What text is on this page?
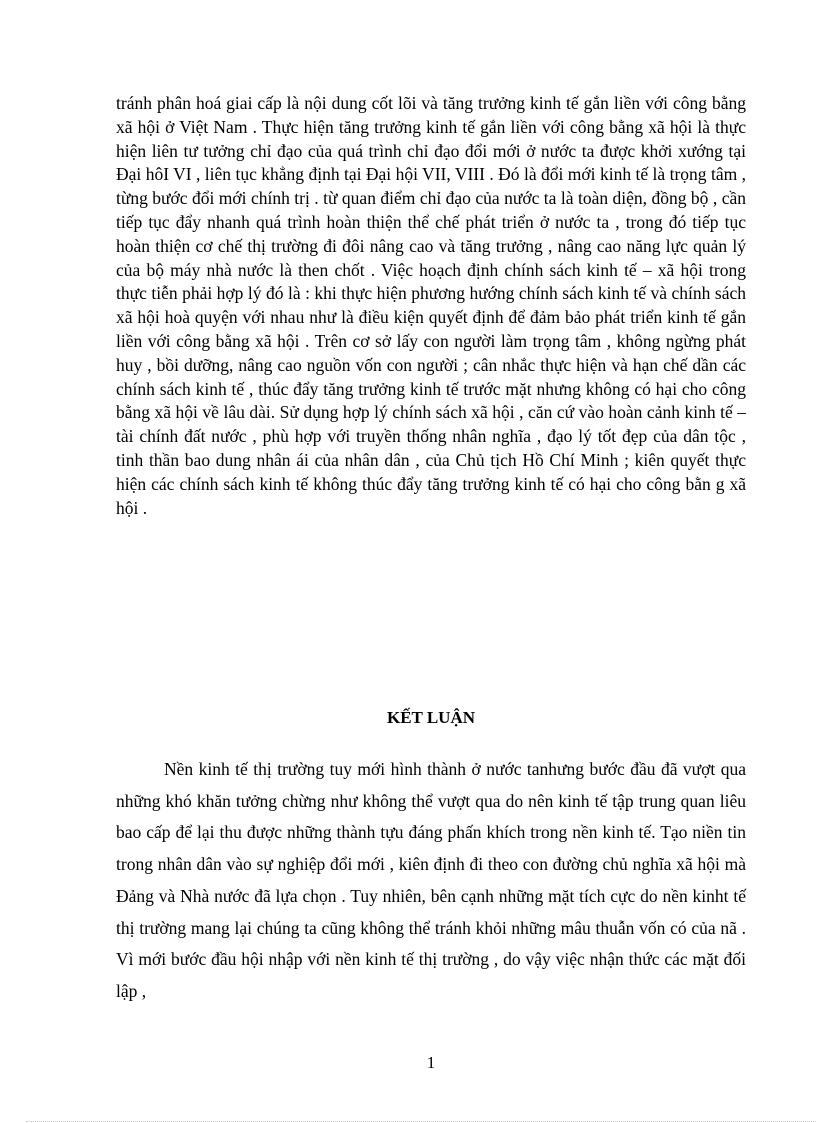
tránh phân hoá giai cấp là nội dung cốt lõi và tăng trưởng kinh tế gắn liền với công bằng xã hội ở Việt Nam . Thực hiện tăng trưởng kinh tế gắn liền với công bằng xã hội là thực hiện liên tư tưởng chỉ đạo của quá trình chỉ đạo đổi mới ở nước ta được khởi xướng tại Đại hôI VI , liên tục khẳng định tại Đại hội VII, VIII . Đó là đổi mới kinh tế là trọng tâm , từng bước đổi mới chính trị . từ quan điểm chỉ đạo của nước ta là toàn diện, đồng bộ , cần tiếp tục đẩy nhanh quá trình hoàn thiện thể chế phát triển ở nước ta , trong đó tiếp tục hoàn thiện cơ chế thị trường đi đôi nâng cao và tăng trưởng , nâng cao năng lực quản lý của bộ máy nhà nước là then chốt . Việc hoạch định chính sách kinh tế – xã hội trong thực tiễn phải hợp lý đó là : khi thực hiện phương hướng chính sách kinh tế và chính sách xã hội hoà quyện với nhau như là điều kiện quyết định để đảm bảo phát triển kinh tế gắn liền với công bằng xã hội . Trên cơ sở lấy con người làm trọng tâm , không ngừng phát huy , bồi dưỡng, nâng cao nguồn vốn con người ; cân nhắc thực hiện và hạn chế dần các chính sách kinh tế , thúc đẩy tăng trưởng kinh tế trước mặt nhưng không có hại cho công bằng xã hội về lâu dài. Sử dụng hợp lý chính sách xã hội , căn cứ vào hoàn cảnh kinh tế – tài chính đất nước , phù hợp với truyền thống nhân nghĩa , đạo lý tốt đẹp của dân tộc , tinh thần bao dung nhân ái của nhân dân , của Chủ tịch Hồ Chí Minh ; kiên quyết thực hiện các chính sách kinh tế không thúc đẩy tăng trưởng kinh tế có hại cho công bằn g xã hội .

KẾT LUẬN

Nền kinh tế thị trường tuy mới hình thành ở nước tanhưng bước đầu đã vượt qua những khó khăn tưởng chừng như không thể vượt qua do nên kinh tế tập trung quan liêu bao cấp để lại thu được những thành tựu đáng phấn khích trong nền kinh tế. Tạo niền tin trong nhân dân vào sự nghiệp đổi mới , kiên định đi theo con đường chủ nghĩa xã hội mà Đảng và Nhà nước đã lựa chọn . Tuy nhiên, bên cạnh những mặt tích cực do nền kinht tế thị trường mang lại chúng ta cũng không thể tránh khỏi những mâu thuẫn vốn có của nã . Vì mới bước đầu hội nhập với nền kinh tế thị trường , do vậy việc nhận thức các mặt đối lập ,

1
